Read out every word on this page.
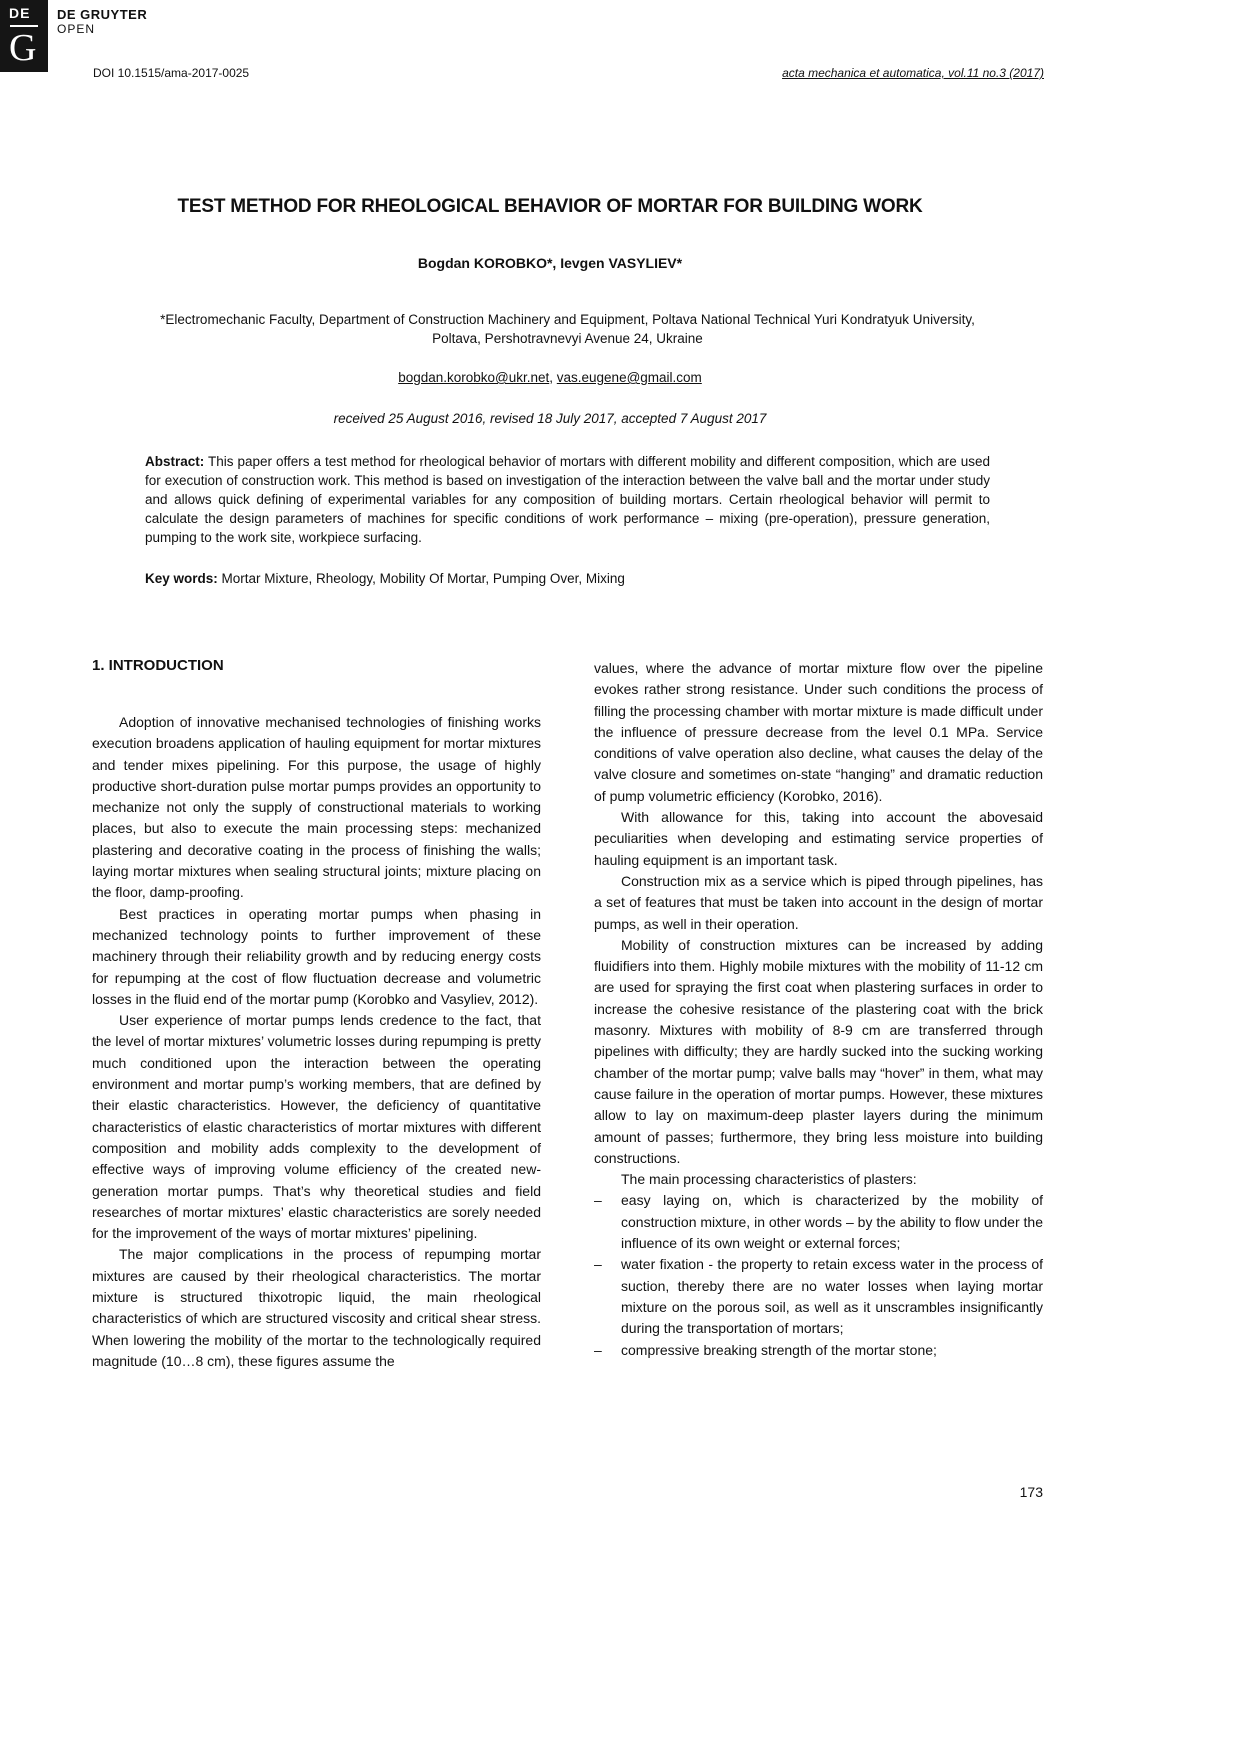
DE
G
DE GRUYTER
OPEN
DOI 10.1515/ama-2017-0025	acta mechanica et automatica, vol.11 no.3 (2017)
TEST METHOD FOR RHEOLOGICAL BEHAVIOR OF MORTAR FOR BUILDING WORK
Bogdan KOROBKO*, Ievgen VASYLIEV*
*Electromechanic Faculty, Department of Construction Machinery and Equipment, Poltava National Technical Yuri Kondratyuk University,
Poltava, Pershotravnevyi Avenue 24, Ukraine
bogdan.korobko@ukr.net, vas.eugene@gmail.com
received 25 August 2016, revised 18 July 2017, accepted 7 August 2017
Abstract: This paper offers a test method for rheological behavior of mortars with different mobility and different composition, which are used for execution of construction work. This method is based on investigation of the interaction between the valve ball and the mortar under study and allows quick defining of experimental variables for any composition of building mortars. Certain rheological behavior will permit to calculate the design parameters of machines for specific conditions of work performance – mixing (pre-operation), pressure generation, pumping to the work site, workpiece surfacing.
Key words: Mortar Mixture, Rheology, Mobility Of Mortar, Pumping Over, Mixing
1. INTRODUCTION

Adoption of innovative mechanised technologies of finishing works execution broadens application of hauling equipment for mortar mixtures and tender mixes pipelining. For this purpose, the usage of highly productive short-duration pulse mortar pumps provides an opportunity to mechanize not only the supply of constructional materials to working places, but also to execute the main processing steps: mechanized plastering and decorative coating in the process of finishing the walls; laying mortar mixtures when sealing structural joints; mixture placing on the floor, damp-proofing.

Best practices in operating mortar pumps when phasing in mechanized technology points to further improvement of these machinery through their reliability growth and by reducing energy costs for repumping at the cost of flow fluctuation decrease and volumetric losses in the fluid end of the mortar pump (Korobko and Vasyliev, 2012).

User experience of mortar pumps lends credence to the fact, that the level of mortar mixtures’ volumetric losses during repumping is pretty much conditioned upon the interaction between the operating environment and mortar pump’s working members, that are defined by their elastic characteristics. However, the deficiency of quantitative characteristics of elastic characteristics of mortar mixtures with different composition and mobility adds complexity to the development of effective ways of improving volume efficiency of the created new-generation mortar pumps. That’s why theoretical studies and field researches of mortar mixtures’ elastic characteristics are sorely needed for the improvement of the ways of mortar mixtures’ pipelining.

The major complications in the process of repumping mortar mixtures are caused by their rheological characteristics. The mortar mixture is structured thixotropic liquid, the main rheological characteristics of which are structured viscosity and critical shear stress. When lowering the mobility of the mortar to the technologically required magnitude (10…8 cm), these figures assume the

values, where the advance of mortar mixture flow over the pipeline evokes rather strong resistance. Under such conditions the process of filling the processing chamber with mortar mixture is made difficult under the influence of pressure decrease from the level 0.1 MPa. Service conditions of valve operation also decline, what causes the delay of the valve closure and sometimes on-state “hanging” and dramatic reduction of pump volumetric efficiency (Korobko, 2016).

With allowance for this, taking into account the abovesaid peculiarities when developing and estimating service properties of hauling equipment is an important task.

Construction mix as a service which is piped through pipelines, has a set of features that must be taken into account in the design of mortar pumps, as well in their operation.

Mobility of construction mixtures can be increased by adding fluidifiers into them. Highly mobile mixtures with the mobility of 11-12 cm are used for spraying the first coat when plastering surfaces in order to increase the cohesive resistance of the plastering coat with the brick masonry. Mixtures with mobility of 8-9 cm are transferred through pipelines with difficulty; they are hardly sucked into the sucking working chamber of the mortar pump; valve balls may “hover” in them, what may cause failure in the operation of mortar pumps. However, these mixtures allow to lay on maximum-deep plaster layers during the minimum amount of passes; furthermore, they bring less moisture into building constructions.

The main processing characteristics of plasters:

– easy laying on, which is characterized by the mobility of construction mixture, in other words – by the ability to flow under the influence of its own weight or external forces;
– water fixation - the property to retain excess water in the process of suction, thereby there are no water losses when laying mortar mixture on the porous soil, as well as it unscrambles insignificantly during the transportation of mortars;
– compressive breaking strength of the mortar stone;
173
